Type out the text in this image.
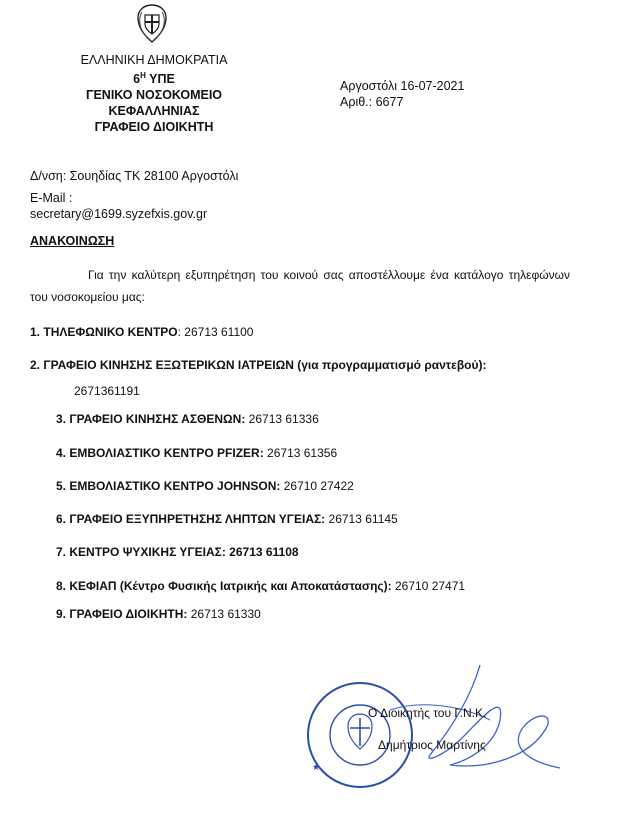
ΕΛΛΗΝΙΚΗ ΔΗΜΟΚΡΑΤΙΑ
$6^H$ ΥΠΕ
ΓΕΝΙΚΟ ΝΟΣΟΚΟΜΕΙΟ
ΚΕΦΑΛΛΗΝΙΑΣ
ΓΡΑΦΕΙΟ ΔΙΟΙΚΗΤΗ
Αργοστόλι 16-07-2021
Αριθ.: 6677
Δ/νση: Σουηδίας ΤΚ 28100 Αργοστόλι
E-Mail :
secretary@1699.syzefxis.gov.gr
ΑΝΑΚΟΙΝΩΣΗ
Για την καλύτερη εξυπηρέτηση του κοινού σας αποστέλλουμε ένα κατάλογο τηλεφώνων του νοσοκομείου μας:
1. ΤΗΛΕΦΩΝΙΚΟ ΚΕΝΤΡΟ: 26713 61100
2. ΓΡΑΦΕΙΟ ΚΙΝΗΣΗΣ ΕΞΩΤΕΡΙΚΩΝ ΙΑΤΡΕΙΩΝ (για προγραμματισμό ραντεβού):
2671361191
3. ΓΡΑΦΕΙΟ ΚΙΝΗΣΗΣ ΑΣΘΕΝΩΝ: 26713 61336
4. ΕΜΒΟΛΙΑΣΤΙΚΟ ΚΕΝΤΡΟ PFIZER: 26713 61356
5. ΕΜΒΟΛΙΑΣΤΙΚΟ ΚΕΝΤΡΟ JOHNSON: 26710 27422
6. ΓΡΑΦΕΙΟ ΕΞΥΠΗΡΕΤΗΣΗΣ ΛΗΠΤΩΝ ΥΓΕΙΑΣ: 26713 61145
7. ΚΕΝΤΡΟ ΨΥΧΙΚΗΣ ΥΓΕΙΑΣ: 26713 61108
8. ΚΕΦΙΑΠ (Κέντρο Φυσικής Ιατρικής και Αποκατάστασης): 26710 27471
9. ΓΡΑΦΕΙΟ ΔΙΟΙΚΗΤΗ: 26713 61330
★
Ο Διοικητής του Γ.Ν.Κ.
Δημήτριος Μαρτίνης
